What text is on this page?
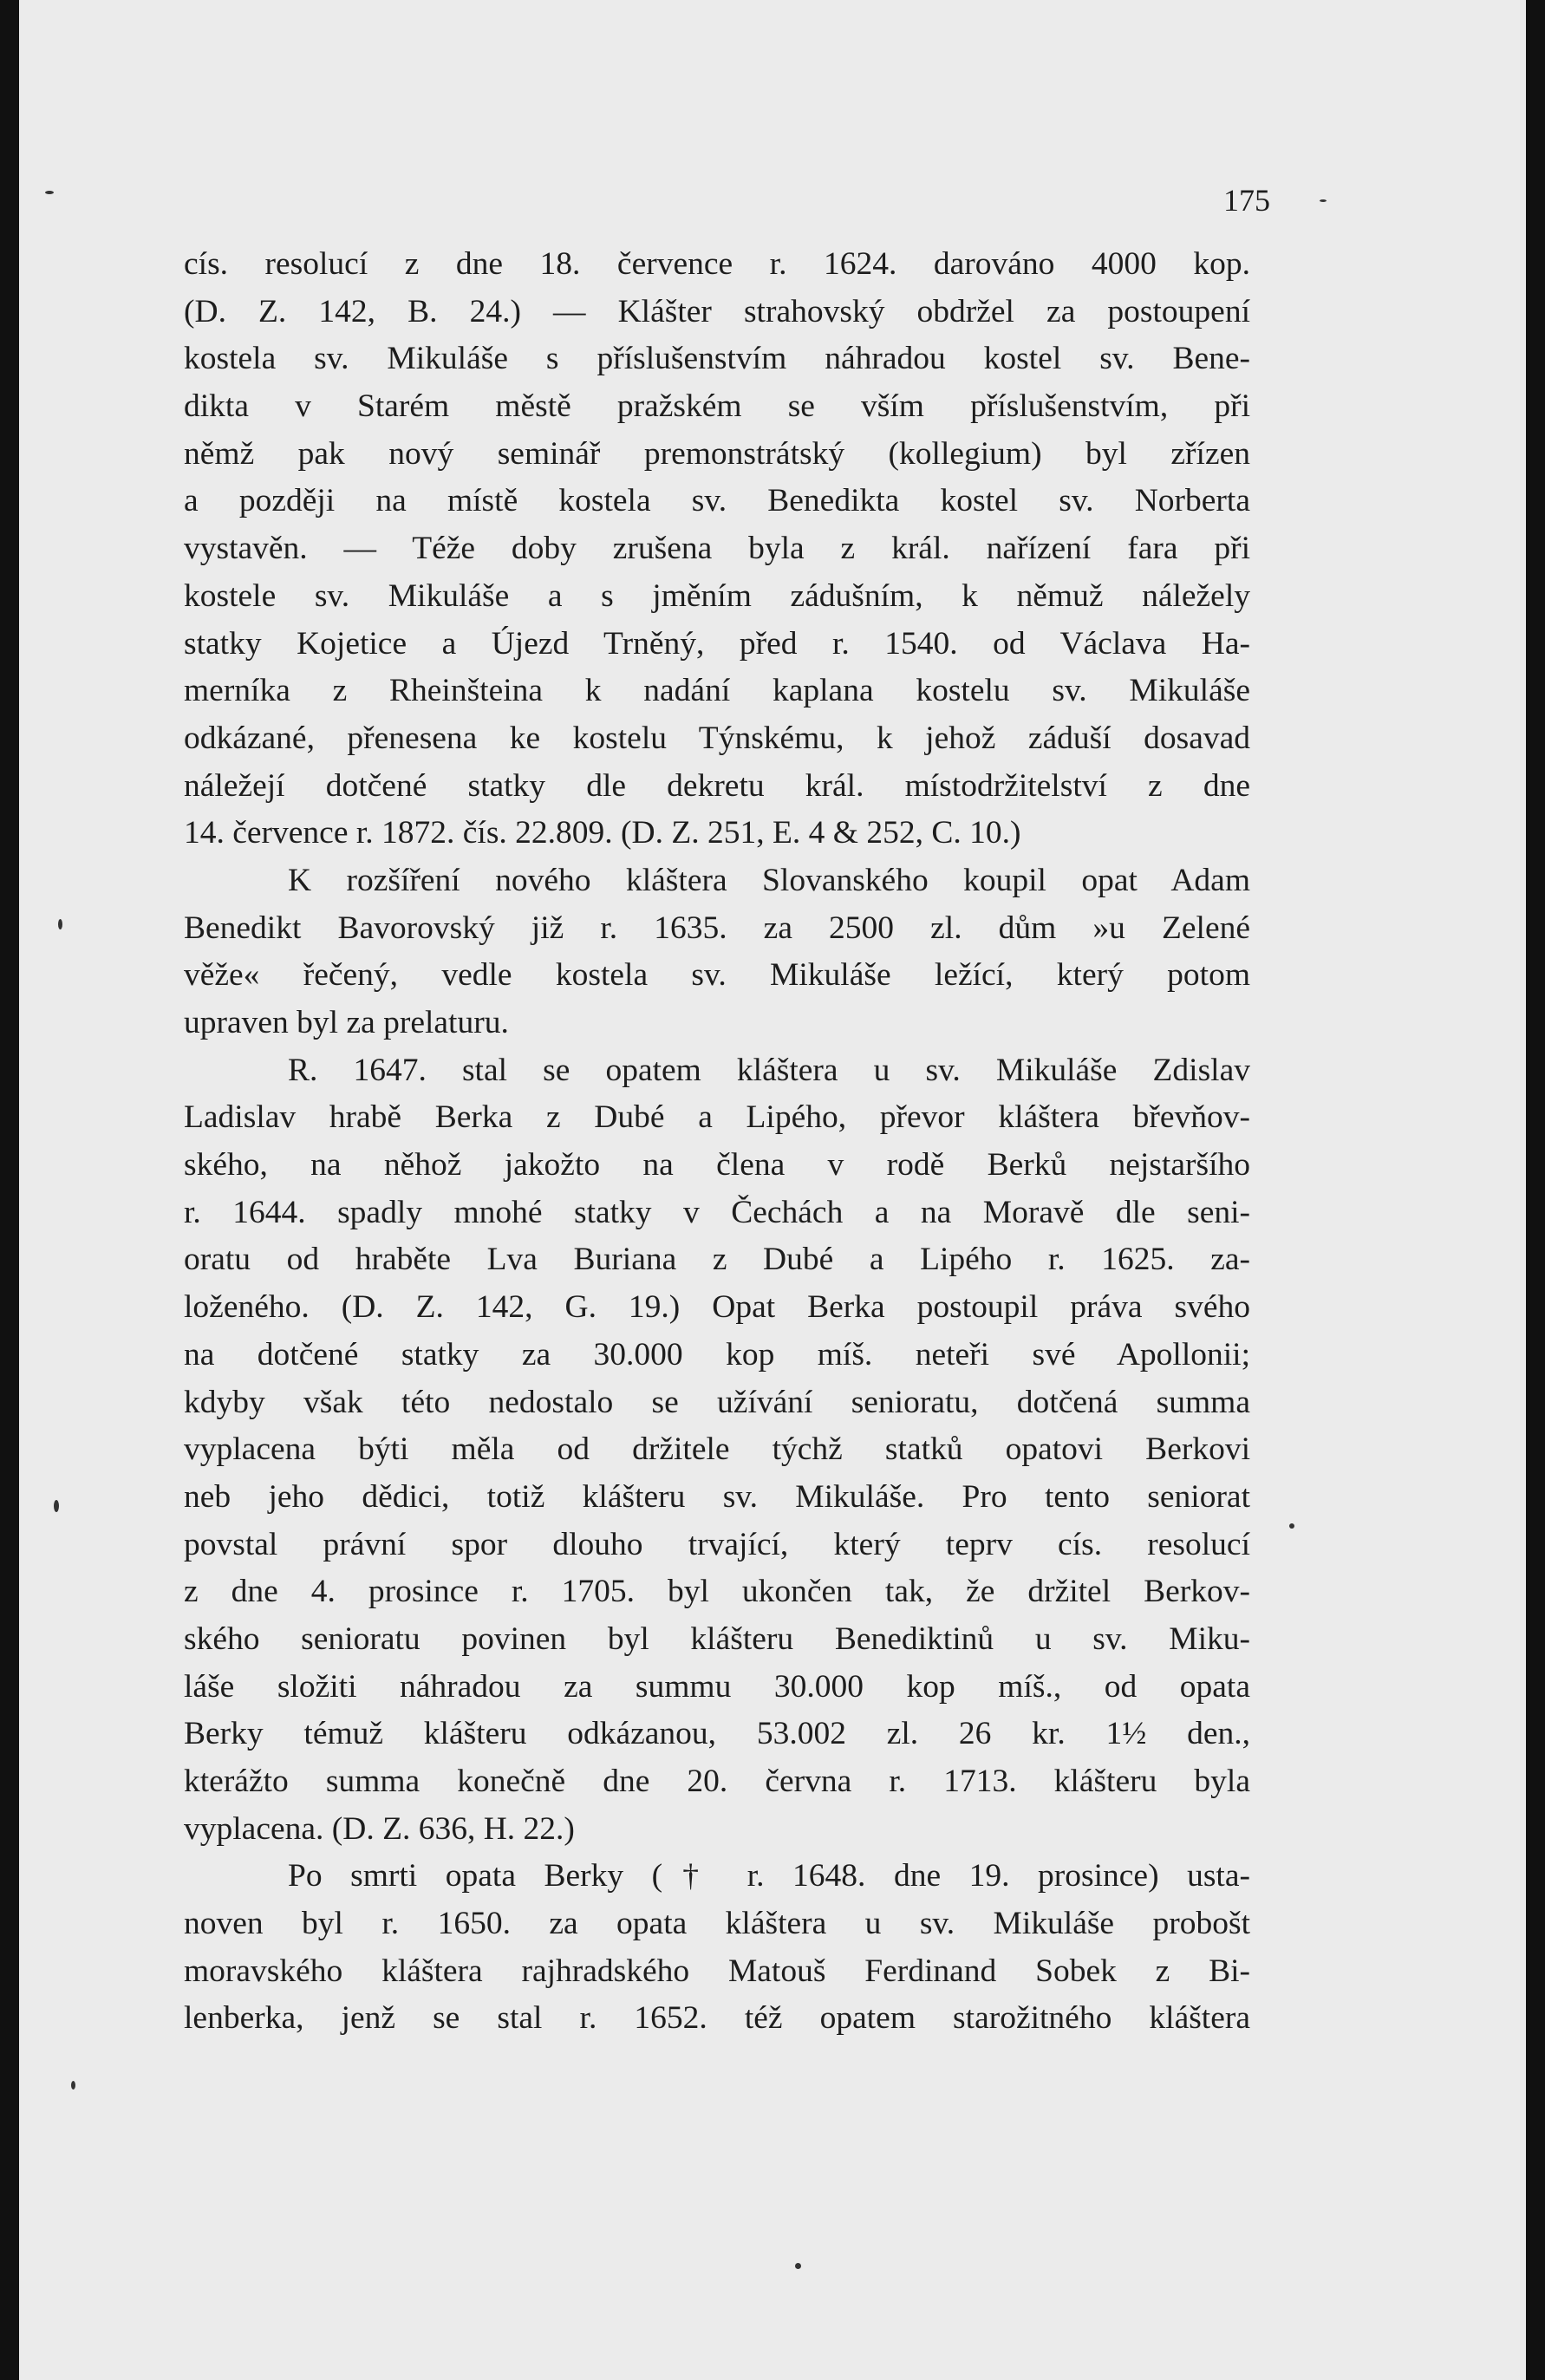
175
cís. resolucí z dne 18. července r. 1624. darováno 4000 kop.
(D. Z. 142, B. 24.) — Klášter strahovský obdržel za postoupení
kostela sv. Mikuláše s příslušenstvím náhradou kostel sv. Bene-
dikta v Starém městě pražském se vším příslušenstvím, při
němž pak nový seminář premonstrátský (kollegium) byl zřízen
a později na místě kostela sv. Benedikta kostel sv. Norberta
vystavěn. — Téže doby zrušena byla z král. nařízení fara při
kostele sv. Mikuláše a s jměním zádušním, k němuž náležely
statky Kojetice a Újezd Trněný, před r. 1540. od Václava Ha-
merníka z Rheinšteina k nadání kaplana kostelu sv. Mikuláše
odkázané, přenesena ke kostelu Týnskému, k jehož záduší dosavad
náležejí dotčené statky dle dekretu král. místodržitelství z dne
14. července r. 1872. čís. 22.809. (D. Z. 251, E. 4 & 252, C. 10.)
K rozšíření nového kláštera Slovanského koupil opat Adam
Benedikt Bavorovský již r. 1635. za 2500 zl. dům »u Zelené
věže« řečený, vedle kostela sv. Mikuláše ležící, který potom
upraven byl za prelaturu.
R. 1647. stal se opatem kláštera u sv. Mikuláše Zdislav
Ladislav hrabě Berka z Dubé a Lipého, převor kláštera břevňov-
ského, na něhož jakožto na člena v rodě Berků nejstaršího
r. 1644. spadly mnohé statky v Čechách a na Moravě dle seni-
oratu od hraběte Lva Buriana z Dubé a Lipého r. 1625. za-
loženého. (D. Z. 142, G. 19.) Opat Berka postoupil práva svého
na dotčené statky za 30.000 kop míš. neteři své Apollonii;
kdyby však této nedostalo se užívání senioratu, dotčená summa
vyplacena býti měla od držitele týchž statků opatovi Berkovi
neb jeho dědici, totiž klášteru sv. Mikuláše. Pro tento seniorat
povstal právní spor dlouho trvající, který teprv cís. resolucí
z dne 4. prosince r. 1705. byl ukončen tak, že držitel Berkov-
ského senioratu povinen byl klášteru Benediktinů u sv. Miku-
láše složiti náhradou za summu 30.000 kop míš., od opata
Berky témuž klášteru odkázanou, 53.002 zl. 26 kr. 1½ den.,
kterážto summa konečně dne 20. června r. 1713. klášteru byla
vyplacena. (D. Z. 636, H. 22.)
Po smrti opata Berky († r. 1648. dne 19. prosince) usta-
noven byl r. 1650. za opata kláštera u sv. Mikuláše probošt
moravského kláštera rajhradského Matouš Ferdinand Sobek z Bi-
lenberka, jenž se stal r. 1652. též opatem starožitného kláštera
